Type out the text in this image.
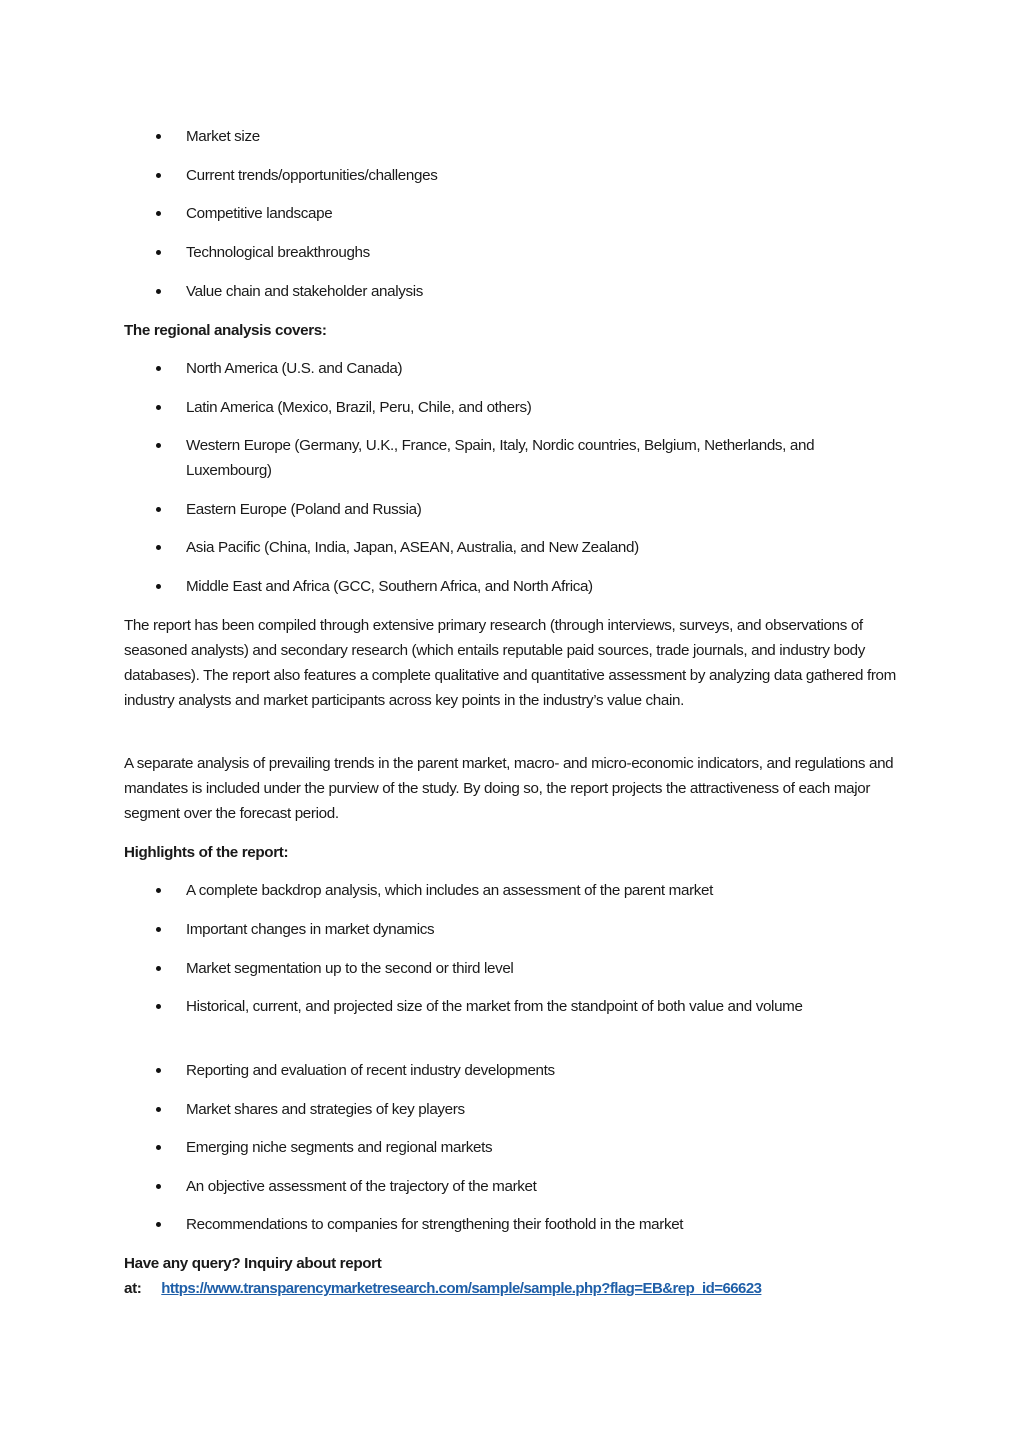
Market size
Current trends/opportunities/challenges
Competitive landscape
Technological breakthroughs
Value chain and stakeholder analysis
The regional analysis covers:
North America (U.S. and Canada)
Latin America (Mexico, Brazil, Peru, Chile, and others)
Western Europe (Germany, U.K., France, Spain, Italy, Nordic countries, Belgium, Netherlands, and Luxembourg)
Eastern Europe (Poland and Russia)
Asia Pacific (China, India, Japan, ASEAN, Australia, and New Zealand)
Middle East and Africa (GCC, Southern Africa, and North Africa)
The report has been compiled through extensive primary research (through interviews, surveys, and observations of seasoned analysts) and secondary research (which entails reputable paid sources, trade journals, and industry body databases). The report also features a complete qualitative and quantitative assessment by analyzing data gathered from industry analysts and market participants across key points in the industry’s value chain.
A separate analysis of prevailing trends in the parent market, macro- and micro-economic indicators, and regulations and mandates is included under the purview of the study. By doing so, the report projects the attractiveness of each major segment over the forecast period.
Highlights of the report:
A complete backdrop analysis, which includes an assessment of the parent market
Important changes in market dynamics
Market segmentation up to the second or third level
Historical, current, and projected size of the market from the standpoint of both value and volume
Reporting and evaluation of recent industry developments
Market shares and strategies of key players
Emerging niche segments and regional markets
An objective assessment of the trajectory of the market
Recommendations to companies for strengthening their foothold in the market
Have any query? Inquiry about report
at: https://www.transparencymarketresearch.com/sample/sample.php?flag=EB&rep_id=66623
